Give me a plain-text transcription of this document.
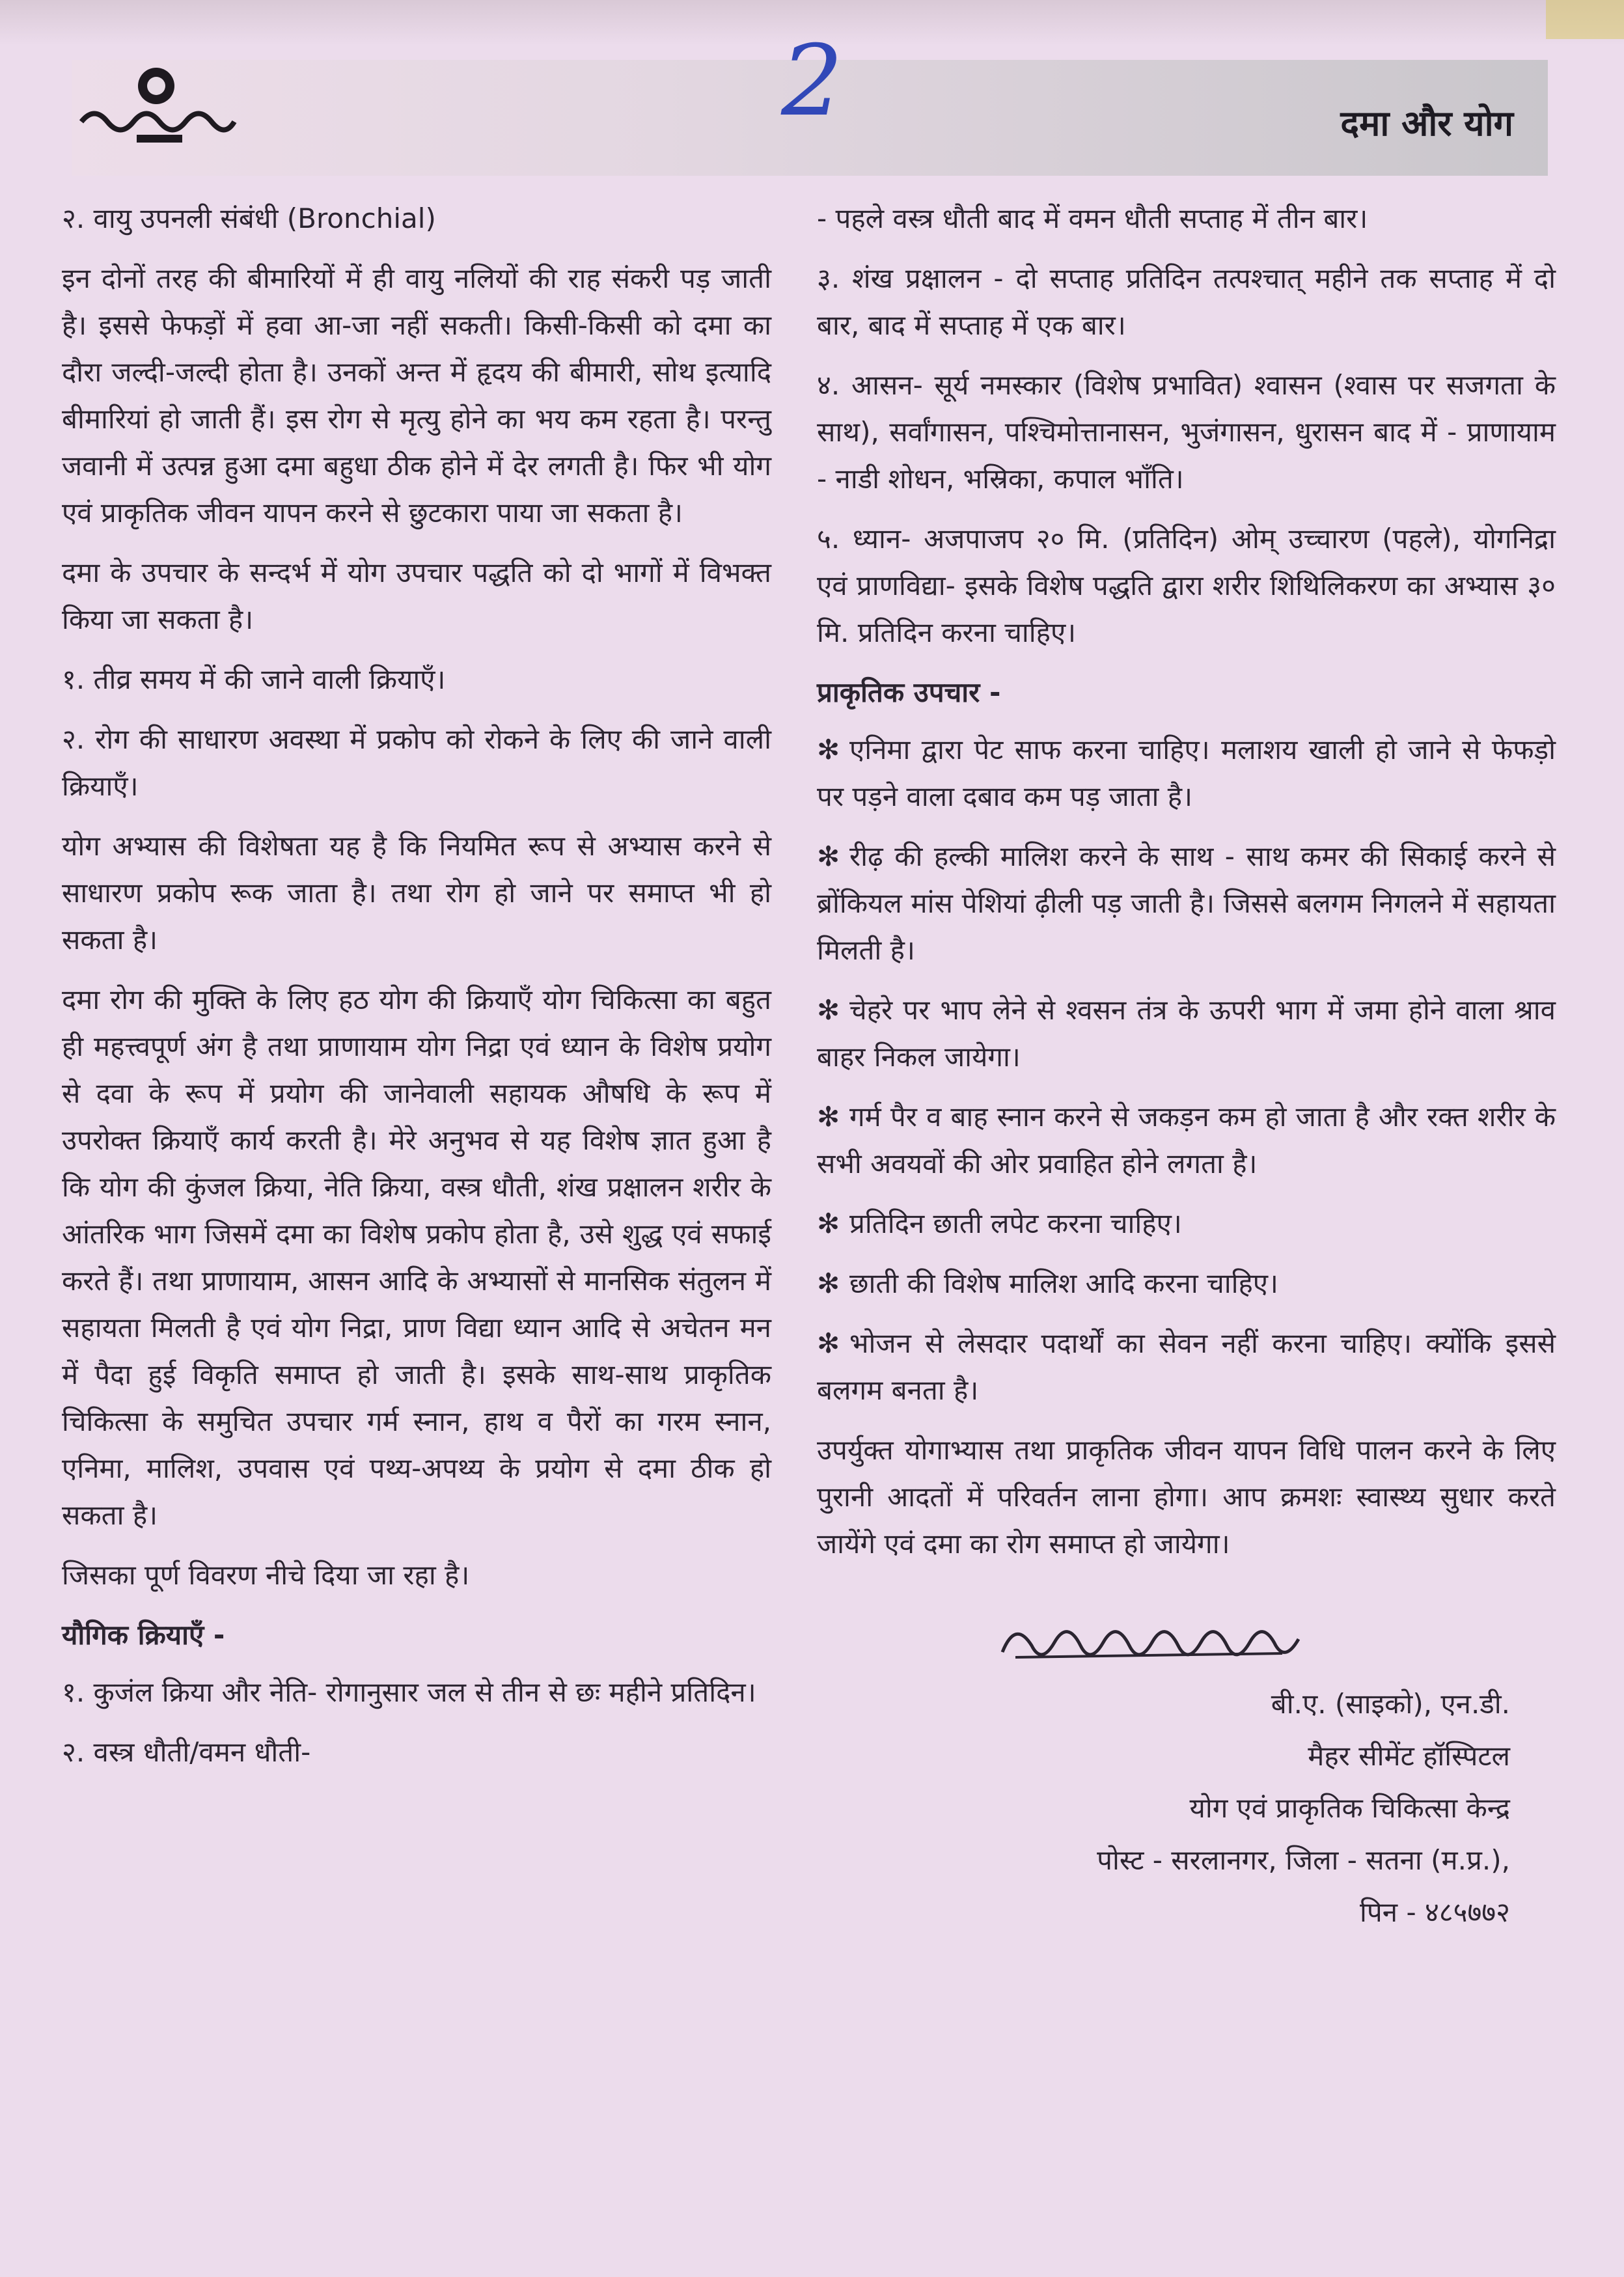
2	दमा और योग

२. वायु उपनली संबंधी (Bronchial)

इन दोनों तरह की बीमारियों में ही वायु नलियों की राह संकरी पड़ जाती है। इससे फेफड़ों में हवा आ-जा नहीं सकती। किसी-किसी को दमा का दौरा जल्दी-जल्दी होता है। उनकों अन्त में हृदय की बीमारी, सोथ इत्यादि बीमारियां हो जाती हैं। इस रोग से मृत्यु होने का भय कम रहता है। परन्तु जवानी में उत्पन्न हुआ दमा बहुधा ठीक होने में देर लगती है। फिर भी योग एवं प्राकृतिक जीवन यापन करने से छुटकारा पाया जा सकता है।

दमा के उपचार के सन्दर्भ में योग उपचार पद्धति को दो भागों में विभक्त किया जा सकता है।

१. तीव्र समय में की जाने वाली क्रियाएँ।

२. रोग की साधारण अवस्था में प्रकोप को रोकने के लिए की जाने वाली क्रियाएँ।

योग अभ्यास की विशेषता यह है कि नियमित रूप से अभ्यास करने से साधारण प्रकोप रूक जाता है। तथा रोग हो जाने पर समाप्त भी हो सकता है।

दमा रोग की मुक्ति के लिए हठ योग की क्रियाएँ योग चिकित्सा का बहुत ही महत्त्वपूर्ण अंग है तथा प्राणायाम योग निद्रा एवं ध्यान के विशेष प्रयोग से दवा के रूप में प्रयोग की जानेवाली सहायक औषधि के रूप में उपरोक्त क्रियाएँ कार्य करती है। मेरे अनुभव से यह विशेष ज्ञात हुआ है कि योग की कुंजल क्रिया, नेति क्रिया, वस्त्र धौती, शंख प्रक्षालन शरीर के आंतरिक भाग जिसमें दमा का विशेष प्रकोप होता है, उसे शुद्ध एवं सफाई करते हैं। तथा प्राणायाम, आसन आदि के अभ्यासों से मानसिक संतुलन में सहायता मिलती है एवं योग निद्रा, प्राण विद्या ध्यान आदि से अचेतन मन में पैदा हुई विकृति समाप्त हो जाती है। इसके साथ-साथ प्राकृतिक चिकित्सा के समुचित उपचार गर्म स्नान, हाथ व पैरों का गरम स्नान, एनिमा, मालिश, उपवास एवं पथ्य-अपथ्य के प्रयोग से दमा ठीक हो सकता है।

जिसका पूर्ण विवरण नीचे दिया जा रहा है।

यौगिक क्रियाएँ -

१. कुजंल क्रिया और नेति- रोगानुसार जल से तीन से छः महीने प्रतिदिन।

२. वस्त्र धौती/वमन धौती-

- पहले वस्त्र धौती बाद में वमन धौती सप्ताह में तीन बार।

३. शंख प्रक्षालन - दो सप्ताह प्रतिदिन तत्पश्चात् महीने तक सप्ताह में दो बार, बाद में सप्ताह में एक बार।

४. आसन- सूर्य नमस्कार (विशेष प्रभावित) श्वासन (श्वास पर सजगता के साथ), सर्वांगासन, पश्चिमोत्तानासन, भुजंगासन, धुरासन बाद में - प्राणायाम - नाडी शोधन, भस्रिका, कपाल भाँति।

५. ध्यान- अजपाजप २० मि. (प्रतिदिन) ओम् उच्चारण (पहले), योगनिद्रा एवं प्राणविद्या- इसके विशेष पद्धति द्वारा शरीर शिथिलिकरण का अभ्यास ३० मि. प्रतिदिन करना चाहिए।

प्राकृतिक उपचार -

✻ एनिमा द्वारा पेट साफ करना चाहिए। मलाशय खाली हो जाने से फेफड़ो पर पड़ने वाला दबाव कम पड़ जाता है।

✻ रीढ़ की हल्की मालिश करने के साथ - साथ कमर की सिकाई करने से ब्रोंकियल मांस पेशियां ढ़ीली पड़ जाती है। जिससे बलगम निगलने में सहायता मिलती है।

✻ चेहरे पर भाप लेने से श्वसन तंत्र के ऊपरी भाग में जमा होने वाला श्राव बाहर निकल जायेगा।

✻ गर्म पैर व बाह स्नान करने से जकड़न कम हो जाता है और रक्त शरीर के सभी अवयवों की ओर प्रवाहित होने लगता है।

✻ प्रतिदिन छाती लपेट करना चाहिए।

✻ छाती की विशेष मालिश आदि करना चाहिए।

✻ भोजन से लेसदार पदार्थों का सेवन नहीं करना चाहिए। क्योंकि इससे बलगम बनता है।

उपर्युक्त योगाभ्यास तथा प्राकृतिक जीवन यापन विधि पालन करने के लिए पुरानी आदतों में परिवर्तन लाना होगा। आप क्रमशः स्वास्थ्य सुधार करते जायेंगे एवं दमा का रोग समाप्त हो जायेगा।

बी.ए. (साइको), एन.डी.
मैहर सीमेंट हॉस्पिटल
योग एवं प्राकृतिक चिकित्सा केन्द्र
पोस्ट - सरलानगर, जिला - सतना (म.प्र.),
पिन - ४८५७७२
